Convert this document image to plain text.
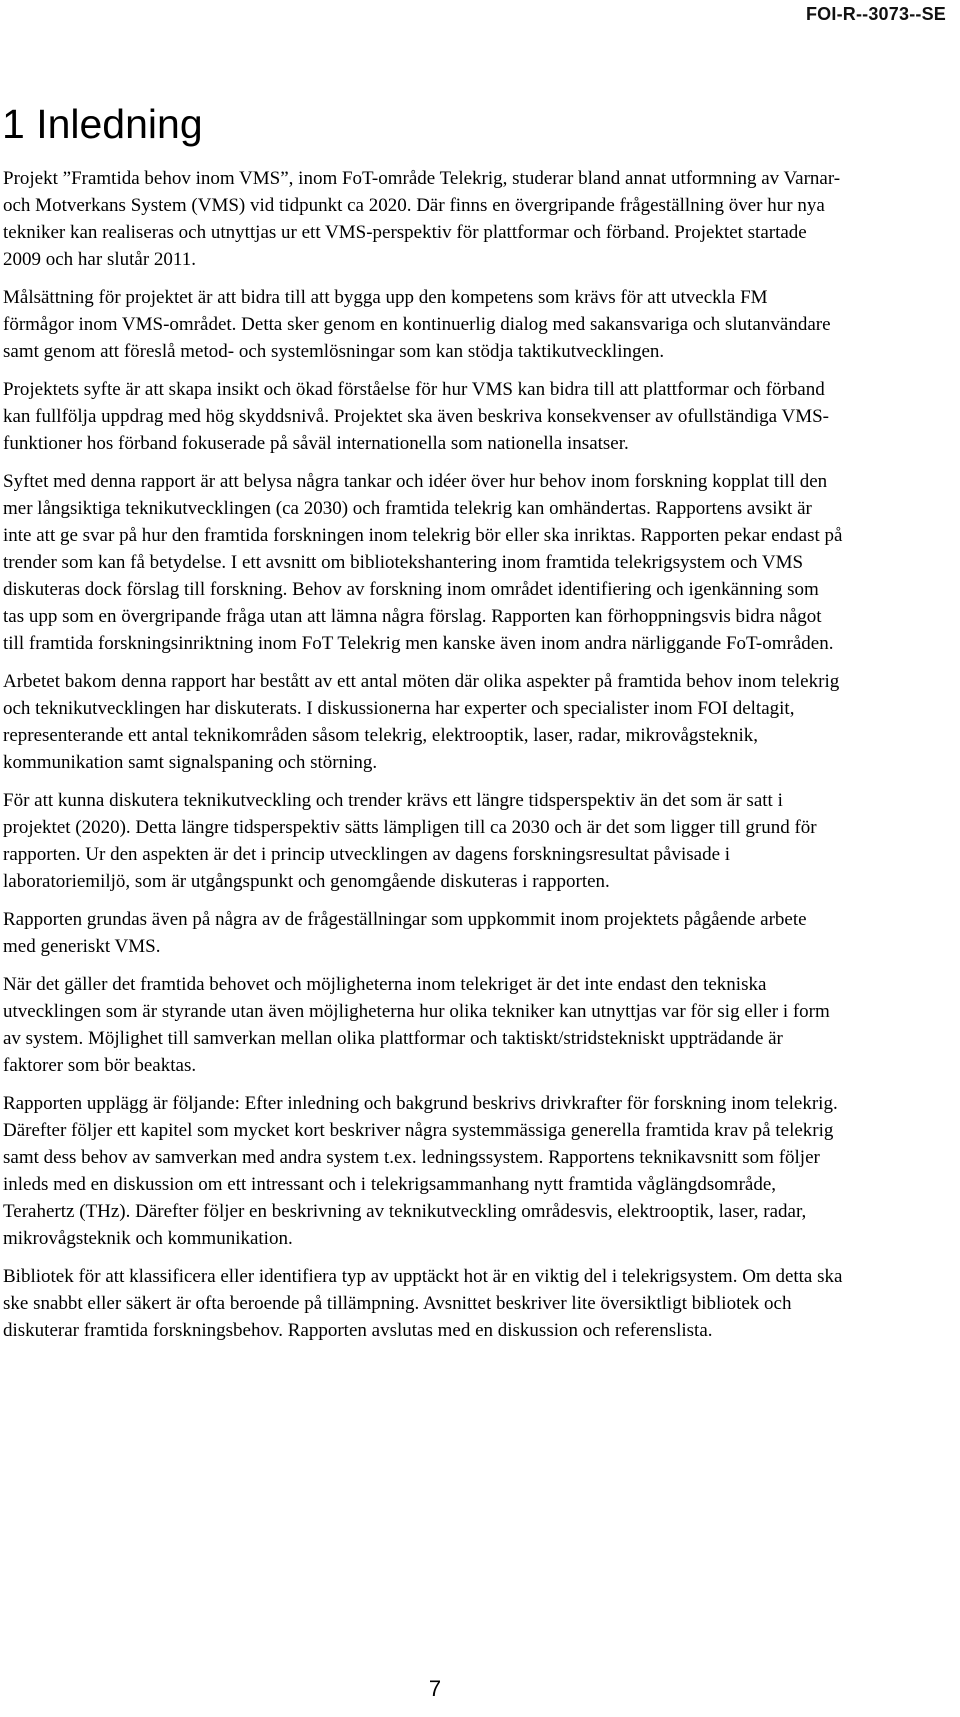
FOI-R--3073--SE
1 Inledning

Projekt ”Framtida behov inom VMS”, inom FoT-område Telekrig, studerar bland annat utformning av Varnar- och Motverkans System (VMS) vid tidpunkt ca 2020. Där finns en övergripande frågeställning över hur nya tekniker kan realiseras och utnyttjas ur ett VMS-perspektiv för plattformar och förband. Projektet startade 2009 och har slutår 2011.

Målsättning för projektet är att bidra till att bygga upp den kompetens som krävs för att utveckla FM förmågor inom VMS-området. Detta sker genom en kontinuerlig dialog med sakansvariga och slutanvändare samt genom att föreslå metod- och systemlösningar som kan stödja taktikutvecklingen.

Projektets syfte är att skapa insikt och ökad förståelse för hur VMS kan bidra till att plattformar och förband kan fullfölja uppdrag med hög skyddsnivå. Projektet ska även beskriva konsekvenser av ofullständiga VMS-funktioner hos förband fokuserade på såväl internationella som nationella insatser.

Syftet med denna rapport är att belysa några tankar och idéer över hur behov inom forskning kopplat till den mer långsiktiga teknikutvecklingen (ca 2030) och framtida telekrig kan omhändertas. Rapportens avsikt är inte att ge svar på hur den framtida forskningen inom telekrig bör eller ska inriktas. Rapporten pekar endast på trender som kan få betydelse. I ett avsnitt om bibliotekshantering inom framtida telekrigsystem och VMS diskuteras dock förslag till forskning. Behov av forskning inom området identifiering och igenkänning som tas upp som en övergripande fråga utan att lämna några förslag. Rapporten kan förhoppningsvis bidra något till framtida forskningsinriktning inom FoT Telekrig men kanske även inom andra närliggande FoT-områden.

Arbetet bakom denna rapport har bestått av ett antal möten där olika aspekter på framtida behov inom telekrig och teknikutvecklingen har diskuterats. I diskussionerna har experter och specialister inom FOI deltagit, representerande ett antal teknikområden såsom telekrig, elektrooptik, laser, radar, mikrovågsteknik, kommunikation samt signalspaning och störning.

För att kunna diskutera teknikutveckling och trender krävs ett längre tidsperspektiv än det som är satt i projektet (2020). Detta längre tidsperspektiv sätts lämpligen till ca 2030 och är det som ligger till grund för rapporten. Ur den aspekten är det i princip utvecklingen av dagens forskningsresultat påvisade i laboratoriemiljö, som är utgångspunkt och genomgående diskuteras i rapporten.

Rapporten grundas även på några av de frågeställningar som uppkommit inom projektets pågående arbete med generiskt VMS.

När det gäller det framtida behovet och möjligheterna inom telekriget är det inte endast den tekniska utvecklingen som är styrande utan även möjligheterna hur olika tekniker kan utnyttjas var för sig eller i form av system. Möjlighet till samverkan mellan olika plattformar och taktiskt/stridstekniskt uppträdande är faktorer som bör beaktas.

Rapporten upplägg är följande: Efter inledning och bakgrund beskrivs drivkrafter för forskning inom telekrig. Därefter följer ett kapitel som mycket kort beskriver några systemmässiga generella framtida krav på telekrig samt dess behov av samverkan med andra system t.ex. ledningssystem. Rapportens teknikavsnitt som följer inleds med en diskussion om ett intressant och i telekrigsammanhang nytt framtida våglängdsområde, Terahertz (THz). Därefter följer en beskrivning av teknikutveckling områdesvis, elektrooptik, laser, radar, mikrovågsteknik och kommunikation.

Bibliotek för att klassificera eller identifiera typ av upptäckt hot är en viktig del i telekrigsystem. Om detta ska ske snabbt eller säkert är ofta beroende på tillämpning. Avsnittet beskriver lite översiktligt bibliotek och diskuterar framtida forskningsbehov. Rapporten avslutas med en diskussion och referenslista.

7
